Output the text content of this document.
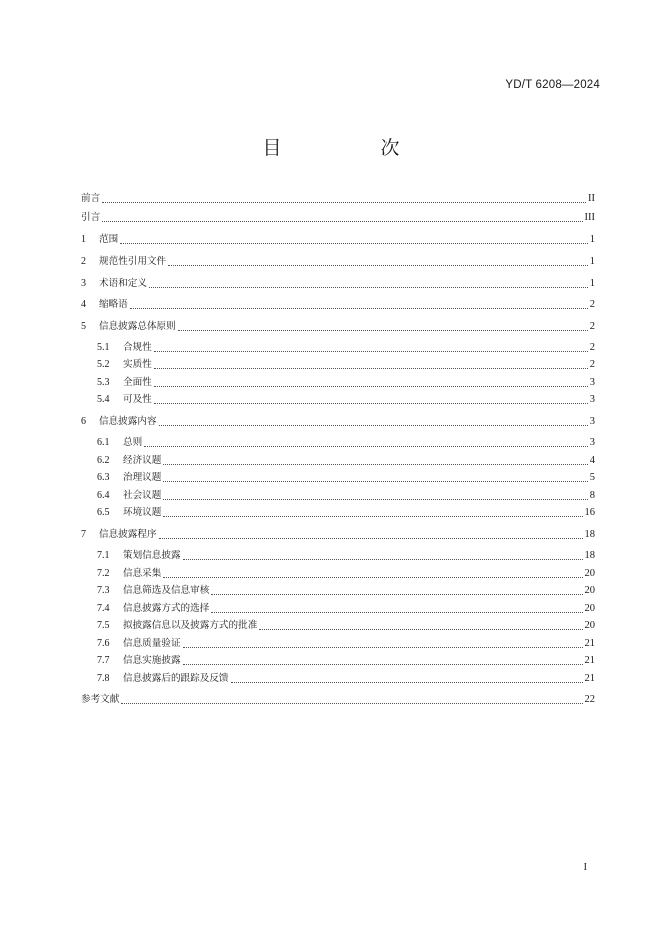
YD/T 6208—2024
目　次
前言	II
引言	III
1	范围	1
2	规范性引用文件	1
3	术语和定义	1
4	缩略语	2
5	信息披露总体原则	2
5.1	合规性	2
5.2	实质性	2
5.3	全面性	3
5.4	可及性	3
6	信息披露内容	3
6.1	总则	3
6.2	经济议题	4
6.3	治理议题	5
6.4	社会议题	8
6.5	环境议题	16
7	信息披露程序	18
7.1	策划信息披露	18
7.2	信息采集	20
7.3	信息筛选及信息审核	20
7.4	信息披露方式的选择	20
7.5	拟披露信息以及披露方式的批准	20
7.6	信息质量验证	21
7.7	信息实施披露	21
7.8	信息披露后的跟踪及反馈	21
参考文献	22
I
